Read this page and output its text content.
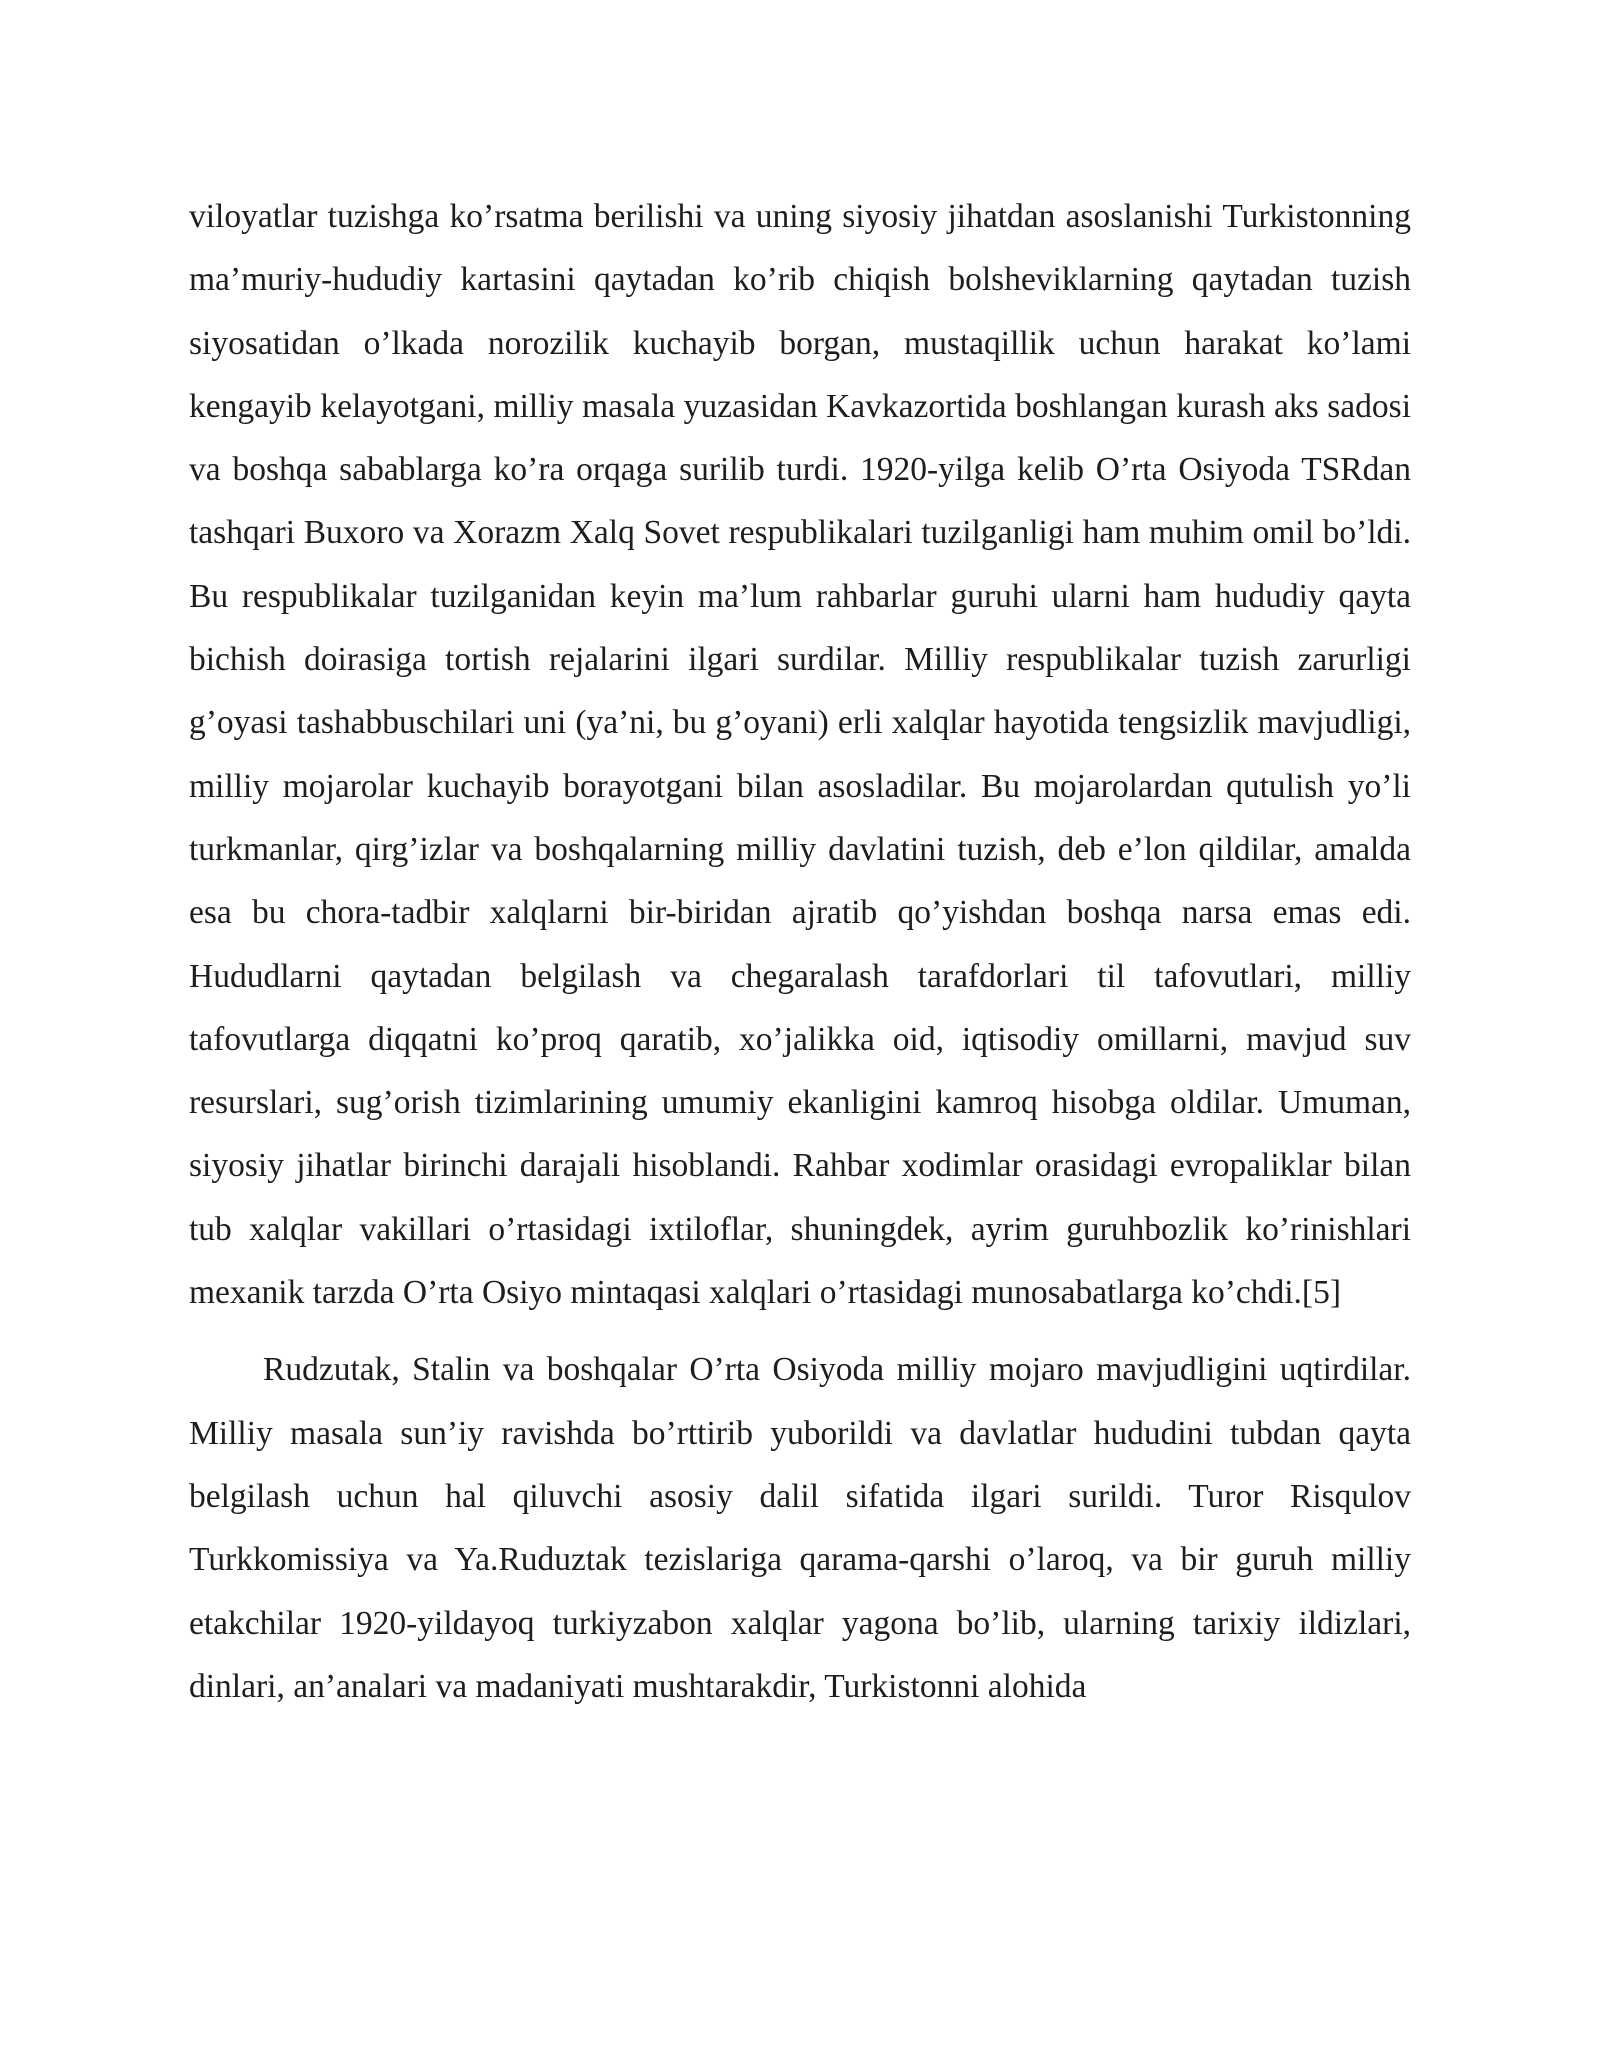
viloyatlar tuzishga ko’rsatma berilishi va uning siyosiy jihatdan asoslanishi Turkistonning ma’muriy-hududiy kartasini qaytadan ko’rib chiqish bolsheviklarning qaytadan tuzish siyosatidan o’lkada norozilik kuchayib borgan, mustaqillik uchun harakat ko’lami kengayib kelayotgani, milliy masala yuzasidan Kavkazortida boshlangan kurash aks sadosi va boshqa sabablarga ko’ra orqaga surilib turdi. 1920-yilga kelib O’rta Osiyoda TSRdan tashqari Buxoro va Xorazm Xalq Sovet respublikalari tuzilganligi ham muhim omil bo’ldi. Bu respublikalar tuzilganidan keyin ma’lum rahbarlar guruhi ularni ham hududiy qayta bichish doirasiga tortish rejalarini ilgari surdilar. Milliy respublikalar tuzish zarurligi g’oyasi tashabbuschilari uni (ya’ni, bu g’oyani) erli xalqlar hayotida tengsizlik mavjudligi, milliy mojarolar kuchayib borayotgani bilan asosladilar. Bu mojarolardan qutulish yo’li turkmanlar, qirg’izlar va boshqalarning milliy davlatini tuzish, deb e’lon qildilar, amalda esa bu chora-tadbir xalqlarni bir-biridan ajratib qo’yishdan boshqa narsa emas edi. Hududlarni qaytadan belgilash va chegaralash tarafdorlari til tafovutlari, milliy tafovutlarga diqqatni ko’proq qaratib, xo’jalikka oid, iqtisodiy omillarni, mavjud suv resurslari, sug’orish tizimlarining umumiy ekanligini kamroq hisobga oldilar. Umuman, siyosiy jihatlar birinchi darajali hisoblandi. Rahbar xodimlar orasidagi evropaliklar bilan tub xalqlar vakillari o’rtasidagi ixtiloflar, shuningdek, ayrim guruhbozlik ko’rinishlari mexanik tarzda O’rta Osiyo mintaqasi xalqlari o’rtasidagi munosabatlarga ko’chdi.[5]

Rudzutak, Stalin va boshqalar O’rta Osiyoda milliy mojaro mavjudligini uqtirdilar. Milliy masala sun’iy ravishda bo’rttirib yuborildi va davlatlar hududini tubdan qayta belgilash uchun hal qiluvchi asosiy dalil sifatida ilgari surildi. Turor Risqulov Turkkomissiya va Ya.Ruduztak tezislariga qarama-qarshi o’laroq, va bir guruh milliy etakchilar 1920-yildayoq turkiyzabon xalqlar yagona bo’lib, ularning tarixiy ildizlari, dinlari, an’analari va madaniyati mushtarakdir, Turkistonni alohida
